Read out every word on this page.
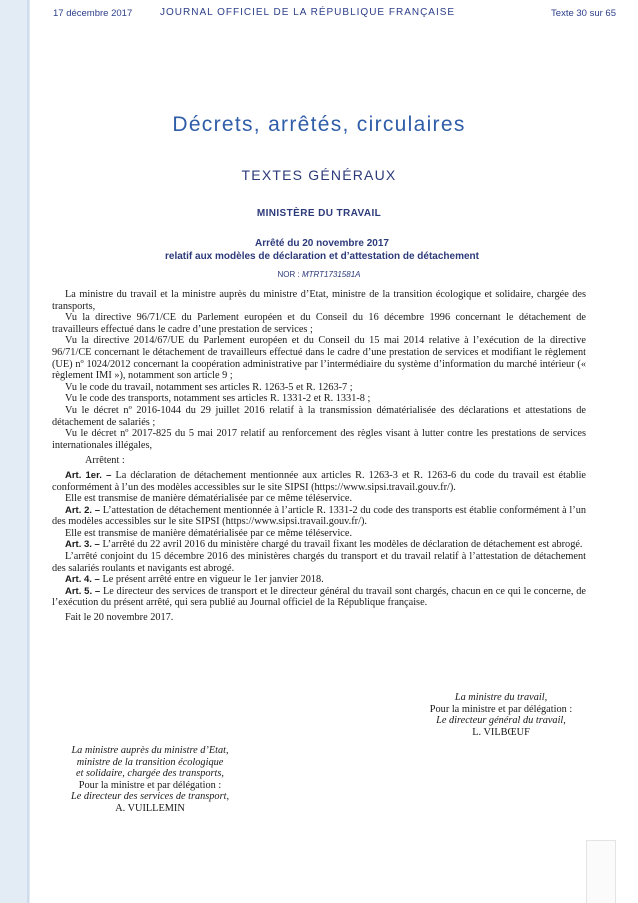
17 décembre 2017	JOURNAL OFFICIEL DE LA RÉPUBLIQUE FRANÇAISE	Texte 30 sur 65
Décrets, arrêtés, circulaires
TEXTES GÉNÉRAUX
MINISTÈRE DU TRAVAIL
Arrêté du 20 novembre 2017
relatif aux modèles de déclaration et d’attestation de détachement
NOR : MTRT1731581A

La ministre du travail et la ministre auprès du ministre d’Etat, ministre de la transition écologique et solidaire, chargée des transports,

Vu la directive 96/71/CE du Parlement européen et du Conseil du 16 décembre 1996 concernant le détachement de travailleurs effectué dans le cadre d’une prestation de services ;

Vu la directive 2014/67/UE du Parlement européen et du Conseil du 15 mai 2014 relative à l’exécution de la directive 96/71/CE concernant le détachement de travailleurs effectué dans le cadre d’une prestation de services et modifiant le règlement (UE) nº 1024/2012 concernant la coopération administrative par l’intermédiaire du système d’information du marché intérieur (« règlement IMI »), notamment son article 9 ;

Vu le code du travail, notamment ses articles R. 1263-5 et R. 1263-7 ;

Vu le code des transports, notamment ses articles R. 1331-2 et R. 1331-8 ;

Vu le décret nº 2016-1044 du 29 juillet 2016 relatif à la transmission dématérialisée des déclarations et attestations de détachement de salariés ;

Vu le décret nº 2017-825 du 5 mai 2017 relatif au renforcement des règles visant à lutter contre les prestations de services internationales illégales,

Arrêtent :

Art. 1er. – La déclaration de détachement mentionnée aux articles R. 1263-3 et R. 1263-6 du code du travail est établie conformément à l’un des modèles accessibles sur le site SIPSI (https://www.sipsi.travail.gouv.fr/).

Elle est transmise de manière dématérialisée par ce même téléservice.

Art. 2. – L’attestation de détachement mentionnée à l’article R. 1331-2 du code des transports est établie conformément à l’un des modèles accessibles sur le site SIPSI (https://www.sipsi.travail.gouv.fr/).

Elle est transmise de manière dématérialisée par ce même téléservice.

Art. 3. – L’arrêté du 22 avril 2016 du ministère chargé du travail fixant les modèles de déclaration de détachement est abrogé.

L’arrêté conjoint du 15 décembre 2016 des ministères chargés du transport et du travail relatif à l’attestation de détachement des salariés roulants et navigants est abrogé.

Art. 4. – Le présent arrêté entre en vigueur le 1er janvier 2018.

Art. 5. – Le directeur des services de transport et le directeur général du travail sont chargés, chacun en ce qui le concerne, de l’exécution du présent arrêté, qui sera publié au Journal officiel de la République française.

Fait le 20 novembre 2017.

La ministre du travail,
Pour la ministre et par délégation :
Le directeur général du travail,
L. VILBŒUF
La ministre auprès du ministre d’Etat,
ministre de la transition écologique
et solidaire, chargée des transports,
Pour la ministre et par délégation :
Le directeur des services de transport,
A. VUILLEMIN
